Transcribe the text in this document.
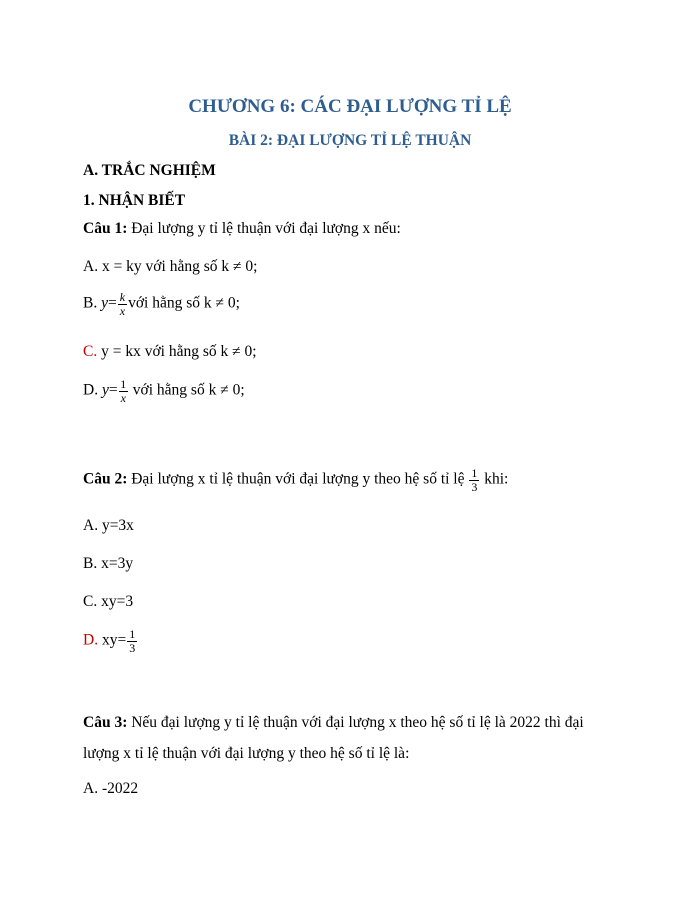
CHƯƠNG 6: CÁC ĐẠI LƯỢNG TỈ LỆ
BÀI 2: ĐẠI LƯỢNG TỈ LỆ THUẬN
A. TRẮC NGHIỆM
1. NHẬN BIẾT
Câu 1: Đại lượng y tỉ lệ thuận với đại lượng x nếu:
A. x = ky với hằng số k ≠ 0;
B. $y= \frac{k}{x}$ với hằng số k ≠ 0;
C. y = kx với hằng số k ≠ 0;
D. $y= \frac{1}{x}$ với hằng số k ≠ 0;
Câu 2: Đại lượng x tỉ lệ thuận với đại lượng y theo hệ số tỉ lệ $\frac{1}{3}$ khi:
A. y=3x
B. x=3y
C. xy=3
D. $xy= \frac{1}{3}$
Câu 3: Nếu đại lượng y tỉ lệ thuận với đại lượng x theo hệ số tỉ lệ là 2022 thì đại
lượng x tỉ lệ thuận với đại lượng y theo hệ số tỉ lệ là:
A. -2022
